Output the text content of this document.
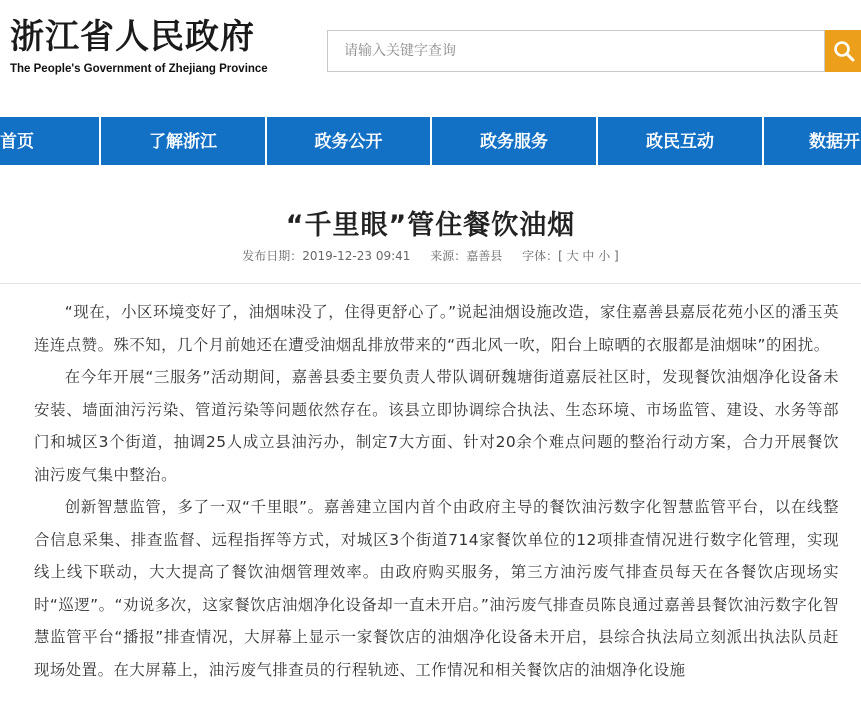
浙江省人民政府
The People's Government of Zhejiang Province
请输入关键字查询
首页	了解浙江	政务公开	政务服务	政民互动	数据开
“千里眼”管住餐饮油烟
发布日期：2019-12-23 09:41 来源：嘉善县 字体：[ 大 中 小 ]

“现在，小区环境变好了，油烟味没了，住得更舒心了。”说起油烟设施改造，家住嘉善县嘉辰花苑小区的潘玉英连连点赞。殊不知，几个月前她还在遭受油烟乱排放带来的“西北风一吹，阳台上晾晒的衣服都是油烟味”的困扰。

在今年开展“三服务”活动期间，嘉善县委主要负责人带队调研魏塘街道嘉辰社区时，发现餐饮油烟净化设备未安装、墙面油污污染、管道污染等问题依然存在。该县立即协调综合执法、生态环境、市场监管、建设、水务等部门和城区3个街道，抽调25人成立县油污办，制定7大方面、针对20余个难点问题的整治行动方案，合力开展餐饮油污废气集中整治。

创新智慧监管，多了一双“千里眼”。嘉善建立国内首个由政府主导的餐饮油污数字化智慧监管平台，以在线整合信息采集、排查监督、远程指挥等方式，对城区3个街道714家餐饮单位的12项排查情况进行数字化管理，实现线上线下联动，大大提高了餐饮油烟管理效率。由政府购买服务，第三方油污废气排查员每天在各餐饮店现场实时“巡逻”。“劝说多次，这家餐饮店油烟净化设备却一直未开启。”油污废气排查员陈良通过嘉善县餐饮油污数字化智慧监管平台“播报”排查情况，大屏幕上显示一家餐饮店的油烟净化设备未开启，县综合执法局立刻派出执法队员赶现场处置。在大屏幕上，油污废气排查员的行程轨迹、工作情况和相关餐饮店的油烟净化设施
